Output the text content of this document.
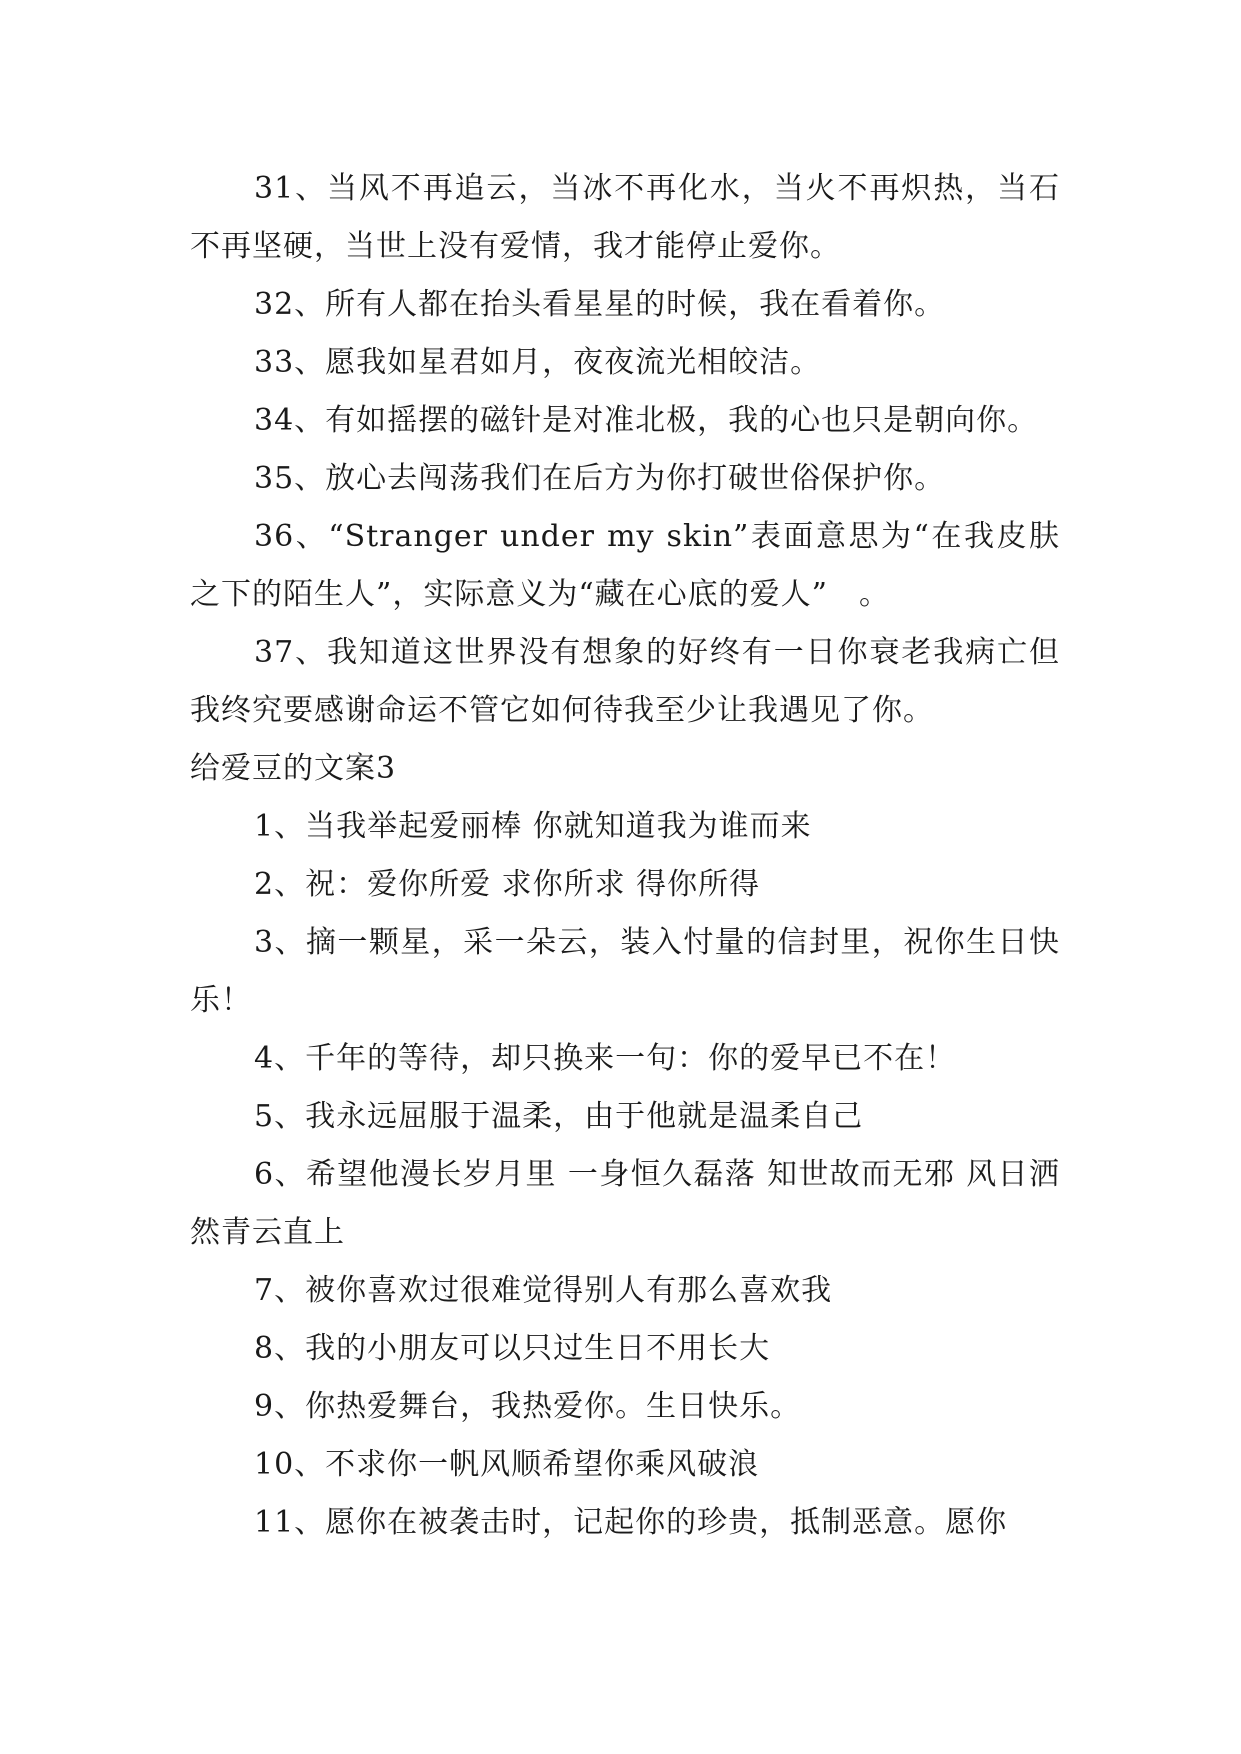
31、当风不再追云，当冰不再化水，当火不再炽热，当石不再坚硬，当世上没有爱情，我才能停止爱你。

32、所有人都在抬头看星星的时候，我在看着你。

33、愿我如星君如月，夜夜流光相皎洁。

34、有如摇摆的磁针是对准北极，我的心也只是朝向你。

35、放心去闯荡我们在后方为你打破世俗保护你。

36、“Stranger under my skin”表面意思为“在我皮肤之下的陌生人”，实际意义为“藏在心底的爱人”　。

37、我知道这世界没有想象的好终有一日你衰老我病亡但我终究要感谢命运不管它如何待我至少让我遇见了你。

给爱豆的文案3

1、当我举起爱丽棒 你就知道我为谁而来

2、祝：爱你所爱 求你所求 得你所得

3、摘一颗星，采一朵云，装入忖量的信封里，祝你生日快乐！

4、千年的等待，却只换来一句：你的爱早已不在！

5、我永远屈服于温柔，由于他就是温柔自己

6、希望他漫长岁月里 一身恒久磊落 知世故而无邪 风日洒然青云直上

7、被你喜欢过很难觉得别人有那么喜欢我

8、我的小朋友可以只过生日不用长大

9、你热爱舞台，我热爱你。生日快乐。

10、不求你一帆风顺希望你乘风破浪

11、愿你在被袭击时，记起你的珍贵，抵制恶意。愿你
